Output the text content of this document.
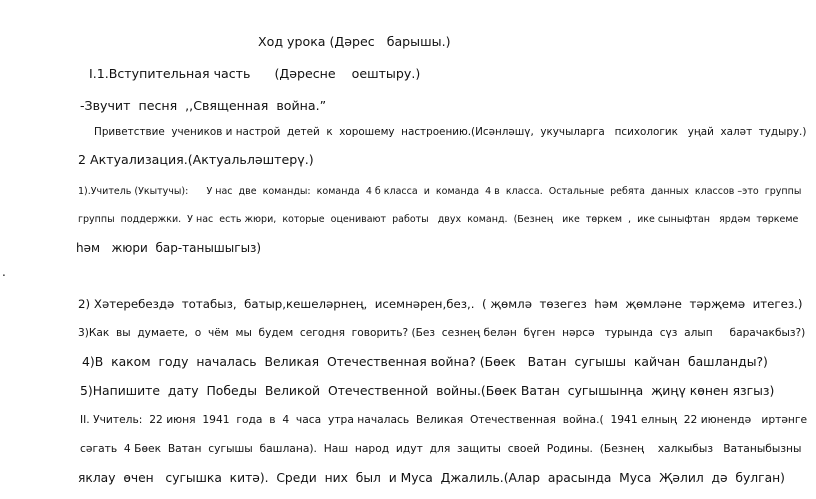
Ход урока (Дәрес   барышы.)
I.1.Вступительная часть      (Дәресне    оештыру.)
-Звучит  песня  ,,Священная  война.”
Приветствие  учеников и настрой  детей  к  хорошему  настроению.(Исәнләшү,  укучыларга   психологик   уңай  халәт  тудыру.)
2 Актуализация.(Актуальләштерү.)
1).Учитель (Укытучы):      У нас  две  команды:  команда  4 б класса  и  команда  4 в  класса.  Остальные  ребята  данных  классов –это  группы
группы  поддержки.  У нас  есть жюри,  которые  оценивают  работы   двух  команд.  (Безнең   ике  төркем  ,  ике сыныфтан   ярдәм  төркеме
һәм   жюри  бар-танышыгыз)
.
2) Хәтеребездә  тотабыз,  батыр,кешеләрнең,  исемнәрен,без,.  ( җөмлә  төзегез  һәм  җөмләне  тәрҗемә  итегез.)
3)Как  вы  думаете,  о  чём  мы  будем  сегодня  говорить? (Без  сезнең белән  бүген  нәрсә   турында  сүз  алып     барачакбыз?)
4)В  каком  году  началась  Великая  Отечественная война? (Бөек   Ватан  сугышы  кайчан  башланды?)
5)Напишите  дату  Победы  Великой  Отечественной  войны.(Бөек Ватан  сугышынңа  җиңү көнен язгыз)
II. Учитель:  22 июня  1941  года  в  4  часа  утра началась  Великая  Отечественная  война.(  1941 елның  22 июнендә   иртәнге
сәгать  4 Бөек  Ватан  сугышы  башлана).  Наш  народ  идут  для  защиты  своей  Родины.  (Безнең    халкыбыз   Ватаныбызны
яклау  өчен   сугышка  китә).  Среди  них  был  и Муса  Джалиль.(Алар  арасында  Муса  Җәлил  дә  булган)
